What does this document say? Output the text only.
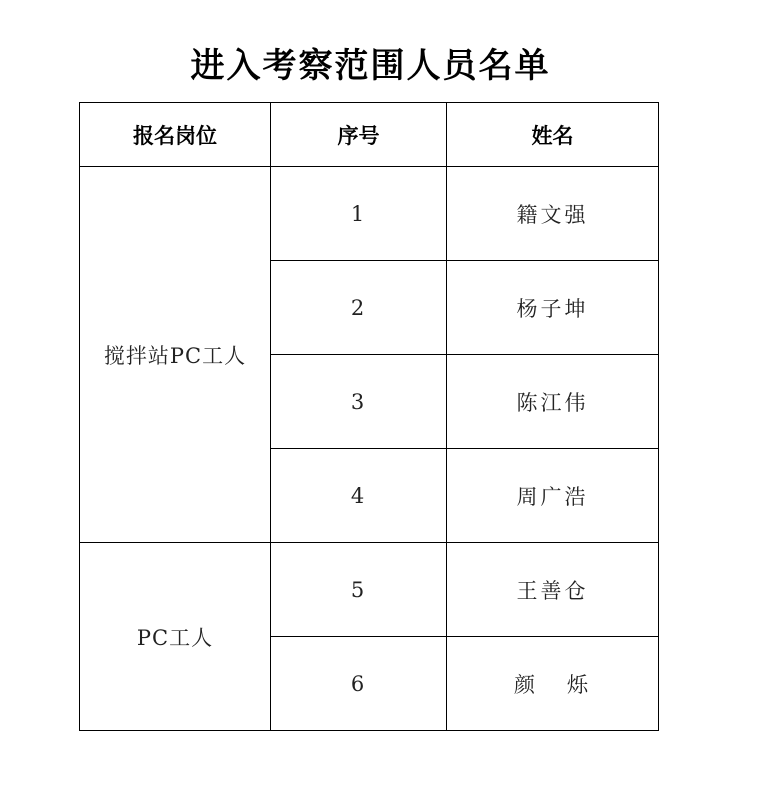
进入考察范围人员名单
报名岗位	序号	姓名
搅拌站PC工人	1	籍文强
	2	杨子坤
	3	陈江伟
	4	周广浩
PC工人	5	王善仓
	6	颜   烁
